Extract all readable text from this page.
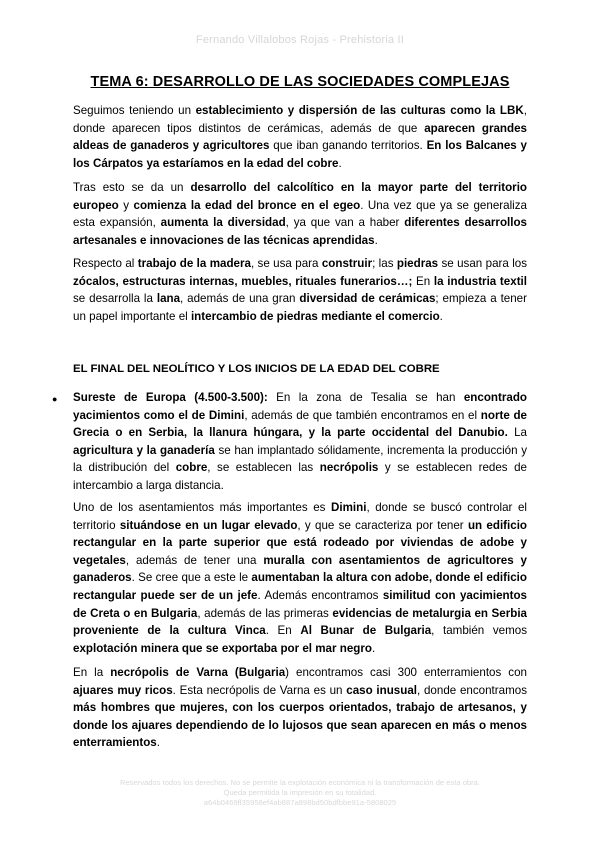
Fernando Villalobos Rojas - Prehistoria II
TEMA 6: DESARROLLO DE LAS SOCIEDADES COMPLEJAS

Seguimos teniendo un establecimiento y dispersión de las culturas como la LBK, donde aparecen tipos distintos de cerámicas, además de que aparecen grandes aldeas de ganaderos y agricultores que iban ganando territorios. En los Balcanes y los Cárpatos ya estaríamos en la edad del cobre.

Tras esto se da un desarrollo del calcolítico en la mayor parte del territorio europeo y comienza la edad del bronce en el egeo. Una vez que ya se generaliza esta expansión, aumenta la diversidad, ya que van a haber diferentes desarrollos artesanales e innovaciones de las técnicas aprendidas.

Respecto al trabajo de la madera, se usa para construir; las piedras se usan para los zócalos, estructuras internas, muebles, rituales funerarios…; En la industria textil se desarrolla la lana, además de una gran diversidad de cerámicas; empieza a tener un papel importante el intercambio de piedras mediante el comercio.

EL FINAL DEL NEOLÍTICO Y LOS INICIOS DE LA EDAD DEL COBRE
● Sureste de Europa (4.500-3.500): En la zona de Tesalia se han encontrado yacimientos como el de Dimini, además de que también encontramos en el norte de Grecia o en Serbia, la llanura húngara, y la parte occidental del Danubio. La agricultura y la ganadería se han implantado sólidamente, incrementa la producción y la distribución del cobre, se establecen las necrópolis y se establecen redes de intercambio a larga distancia.

Uno de los asentamientos más importantes es Dimini, donde se buscó controlar el territorio situándose en un lugar elevado, y que se caracteriza por tener un edificio rectangular en la parte superior que está rodeado por viviendas de adobe y vegetales, además de tener una muralla con asentamientos de agricultores y ganaderos. Se cree que a este le aumentaban la altura con adobe, donde el edificio rectangular puede ser de un jefe. Además encontramos similitud con yacimientos de Creta o en Bulgaria, además de las primeras evidencias de metalurgia en Serbia proveniente de la cultura Vinca. En Al Bunar de Bulgaria, también vemos explotación minera que se exportaba por el mar negro.

En la necrópolis de Varna (Bulgaria) encontramos casi 300 enterramientos con ajuares muy ricos. Esta necrópolis de Varna es un caso inusual, donde encontramos más hombres que mujeres, con los cuerpos orientados, trabajo de artesanos, y donde los ajuares dependiendo de lo lujosos que sean aparecen en más o menos enterramientos.

Reservados todos los derechos. No se permite la explotación económica ni la transformación de esta obra.
Queda permitida la impresión en su totalidad.
a64b0469ff35958ef4ab887a898bd50bdfbbe91a-5808025
